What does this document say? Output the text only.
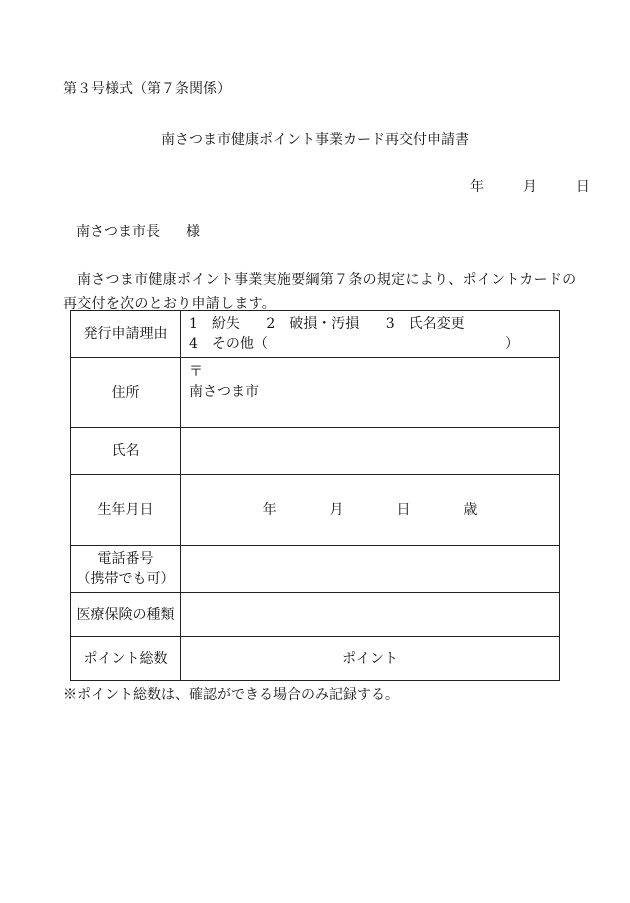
第３号様式（第７条関係）
南さつま市健康ポイント事業カード再交付申請書
年	月	日
南さつま市長 様
南さつま市健康ポイント事業実施要綱第７条の規定により、ポイントカードの再交付を次のとおり申請します。
発行申請理由	1　紛失 2　破損・汚損 3　氏名変更
4　その他（ ）

住所	〒
南さつま市

氏名	
生年月日	年 月 日 歳

電話番号
（携帯でも可）	

医療保険の種類	
ポイント総数	ポイント
※ポイント総数は、確認ができる場合のみ記録する。
